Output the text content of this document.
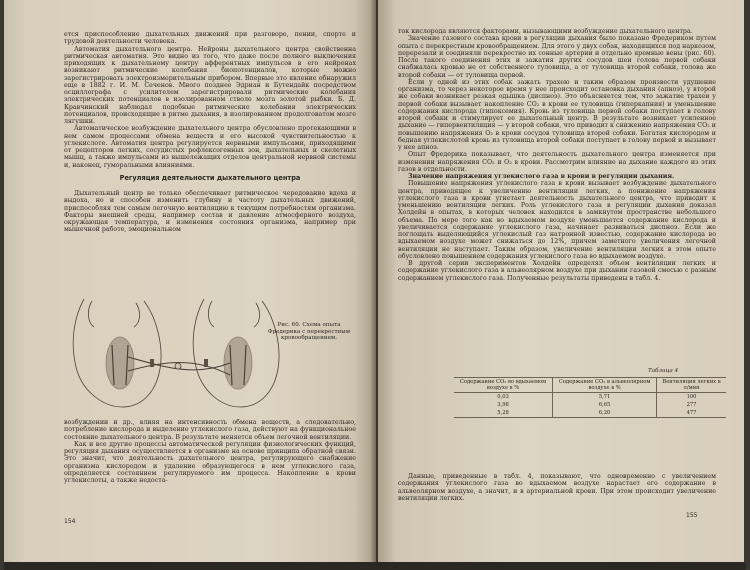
ется приспособление дыхательных движений при разговоре, пении, спорте и трудовой деятельности человека.

Автоматия дыхательного центра. Нейроны дыхательного центра свойственна ритмическая автоматия. Это видно из того, что даже после полного выключения приходящих к дыхательному центру афферентных импульсов в его нейронах возникают ритмические колебания биопотенциалов, которые можно зарегистрировать электроизмерительным прибором. Впервые это явление обнаружил еще в 1882 г. И. М. Сеченов. Много позднее Эдриан и Бутендайк посредством осциллографа с усилителем зарегистрировали ритмические колебания электрических потенциалов в изолированном стволе мозга золотой рыбки. Б. Д. Кравчинский наблюдал подобные ритмические колебания электрических потенциалов, происходящие в ритме дыхания, в изолированном продолговатом мозге лягушки.

Автоматическое возбуждение дыхательного центра обусловлено протекающими в нем самом процессами обмена веществ и его высокой чувствительностью к углекислоте. Автоматия центра регулируется нервными импульсами, приходящими от рецепторов легких, сосудистых рефлексогенных зон, дыхательных и скелетных мышц, а также импульсами из вышележащих отделов центральной нервной системы и, наконец, гуморальными влияниями.

Регуляция деятельности дыхательного центра

Дыхательный центр не только обеспечивает ритмическое чередование вдоха и выдоха, но и способен изменить глубину и частоту дыхательных движений, приспособляя тем самым легочную вентиляцию к текущим потребностям организма. Факторы внешней среды, например состав и давление атмосферного воздуха, окружающая температура, и изменения состояния организма, например при мышечной работе, эмоциональном

Рис. 60. Схема опыта Фредерика с перекрестным кровообращением.

возбуждении и др., влияя на интенсивность обмена веществ, а следовательно, потребление кислорода и выделение углекислого газа, действуют на функциональное состояние дыхательного центра. В результате меняется объем легочной вентиляции.

Как и все другие процессы автоматической регуляции физиологических функций, регуляция дыхания осуществляется в организме на основе принципа обратной связи. Это значит, что деятельность дыхательного центра, регулирующего снабжение организма кислородом и удаление образующегося в нем углекислого газа, определяется состоянием регулируемого им процесса. Накопление в крови углекислоты, а также недоста-

154

ток кислорода являются факторами, вызывающими возбуждение дыхательного центра.

Значение газового состава крови в регуляции дыхания было показано Фредериком путем опыта с перекрестным кровообращением. Для этого у двух собак, находящихся под наркозом, перерезали и соединяли перекрестно их сонные артерии и отдельно яремные вены (рис. 60). После такого соединения этих и зажатия других сосудов шеи голова первой собаки снабжалась кровью не от собственного туловища, а от туловища второй собаки, голова же второй собаки — от туловища первой.

Если у одной из этих собак зажать трахею и таким образом произвести удушение организма, то через некоторое время у нее происходит остановка дыхания (апноэ), у второй же собаки возникает резкая одышка (диспноэ). Это объясняется тем, что зажатие трахеи у первой собаки вызывает накопление CO₂ в крови ее туловища (гиперкапния) и уменьшение содержания кислорода (гипоксемия). Кровь из туловища первой собаки поступает в голову второй собаки и стимулирует ее дыхательный центр. В результате возникает усиленное дыхание — гипервентиляция — у второй собаки, что приводит к снижению напряжения CO₂ и повышению напряжения O₂ в крови сосудов туловища второй собаки. Богатая кислородом и бедная углекислотой кровь из туловища второй собаки поступает в голову первой и вызывает у нее апноэ.

Опыт Фредерика показывает, что деятельность дыхательного центра изменяется при изменении напряжения CO₂ и O₂ в крови. Рассмотрим влияние на дыхание каждого из этих газов в отдельности.

Значение напряжения углекислого газа в крови в регуляции дыхания.

Повышение напряжения углекислого газа в крови вызывает возбуждение дыхательного центра, приводящее к увеличению вентиляции легких, а понижение напряжения углекислого газа в крови угнетает деятельность дыхательного центра, что приводит к уменьшению вентиляции легких. Роль углекислого газа в регуляции дыхания доказал Холдейн в опытах, в которых человек находился в замкнутом пространстве небольшого объема. По мере того как во вдыхаемом воздухе уменьшается содержание кислорода и увеличивается содержание углекислого газа, начинает развиваться диспноэ. Если же поглощать выделяющийся углекислый газ натронной известью, содержание кислорода во вдыхаемом воздухе может снижаться до 12%, причем заметного увеличения легочной вентиляции не наступает. Таким образом, увеличение вентиляции легких в этом опыте обусловлено повышением содержания углекислого газа во вдыхаемом воздухе.

В другой серии экспериментов Холдейн определял объем вентиляции легких и содержание углекислого газа в альвеолярном воздухе при дыхании газовой смесью с разным содержанием углекислого газа. Полученные результаты приведены в табл. 4.

Таблица 4
Содержание CO₂ во вдыхаемом воздухе в %	Содержание CO₂ в альвеолярном воздухе в %	Вентиляция легких в л/мин
0,03	5,71	100
3,98	6,65	277
5,28	6,20	477

Данные, приведенные в табл. 4, показывают, что одновременно с увеличением содержания углекислого газа во вдыхаемом воздухе нарастает его содержание в альвеолярном воздухе, а значит, и в артериальной крови. При этом происходит увеличение вентиляции легких.

155
